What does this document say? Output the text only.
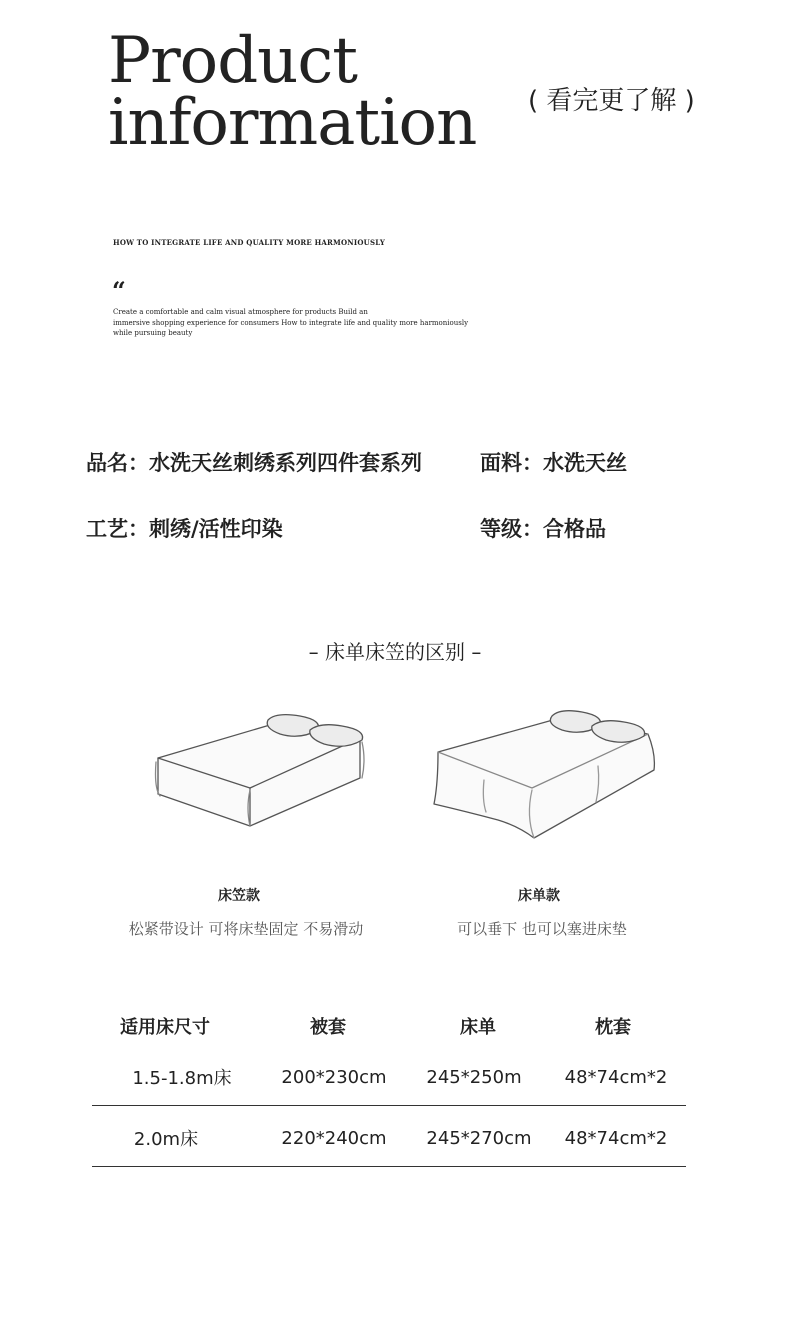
Product
information ( 看完更了解 )
HOW TO INTEGRATE LIFE AND QUALITY MORE HARMONIOUSLY
“
Create a comfortable and calm visual atmosphere for products Build an
immersive shopping experience for consumers How to integrate life and quality more harmoniously
while pursuing beauty
品名：水洗天丝刺绣系列四件套系列	面料：水洗天丝
工艺：刺绣/活性印染	等级：合格品
– 床单床笠的区别 –
床笠款
松紧带设计 可将床垫固定 不易滑动
床单款
可以垂下 也可以塞进床垫
适用床尺寸	被套	床单	枕套
1.5-1.8m床	200*230cm	245*250m	48*74cm*2
2.0m床	220*240cm	245*270cm	48*74cm*2
